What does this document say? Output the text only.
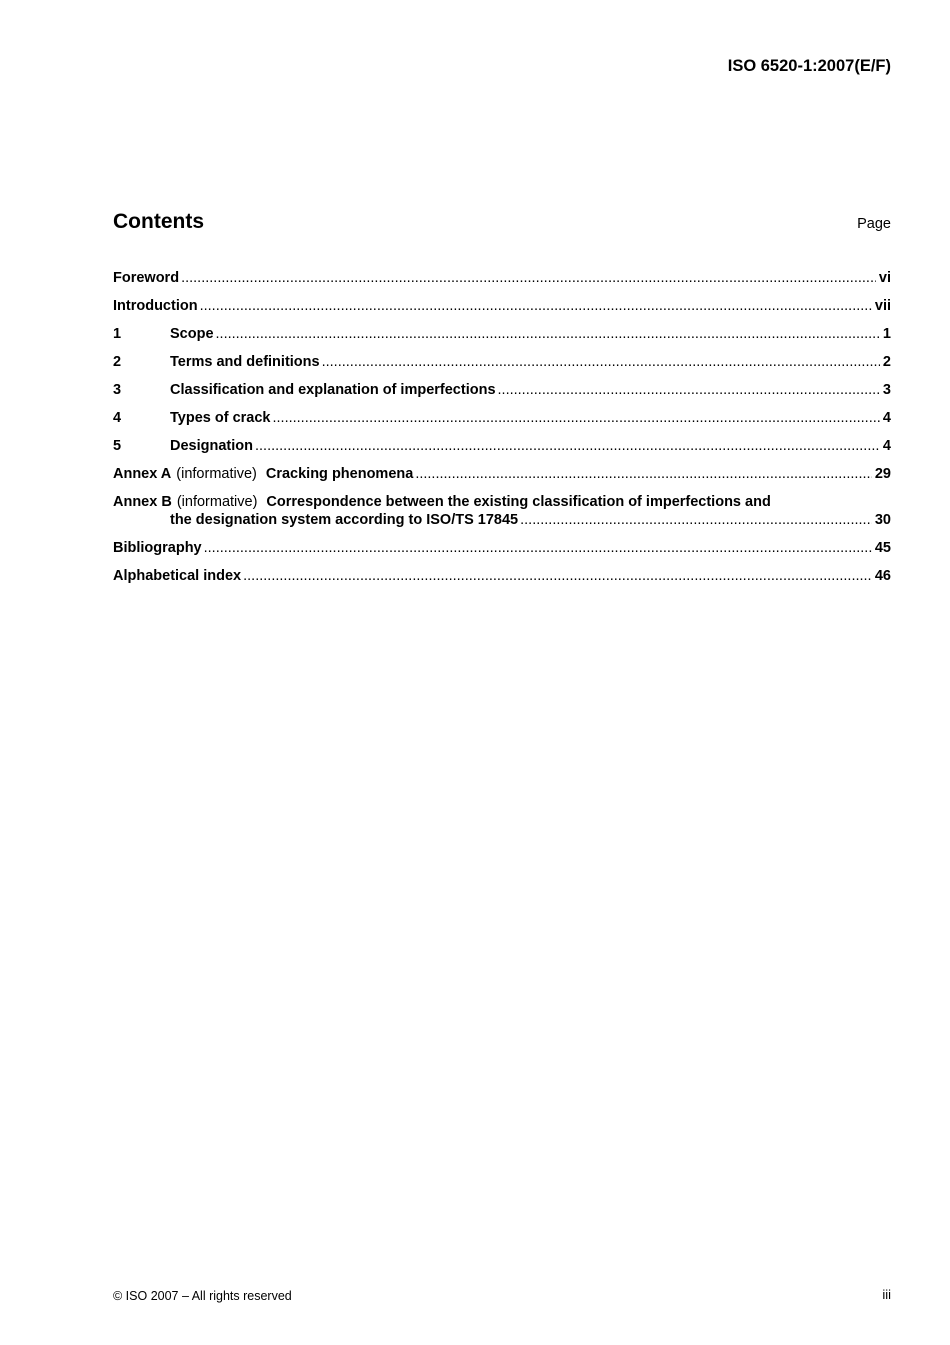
ISO 6520-1:2007(E/F)
Contents	Page
Foreword .....	vi
Introduction .....	vii
1	Scope .....	1
2	Terms and definitions .....	2
3	Classification and explanation of imperfections .....	3
4	Types of crack .....	4
5	Designation .....	4
Annex A (informative) Cracking phenomena .....	29
Annex B (informative) Correspondence between the existing classification of imperfections and
the designation system according to ISO/TS 17845 .....	30
Bibliography .....	45
Alphabetical index .....	46
© ISO 2007 – All rights reserved	iii
